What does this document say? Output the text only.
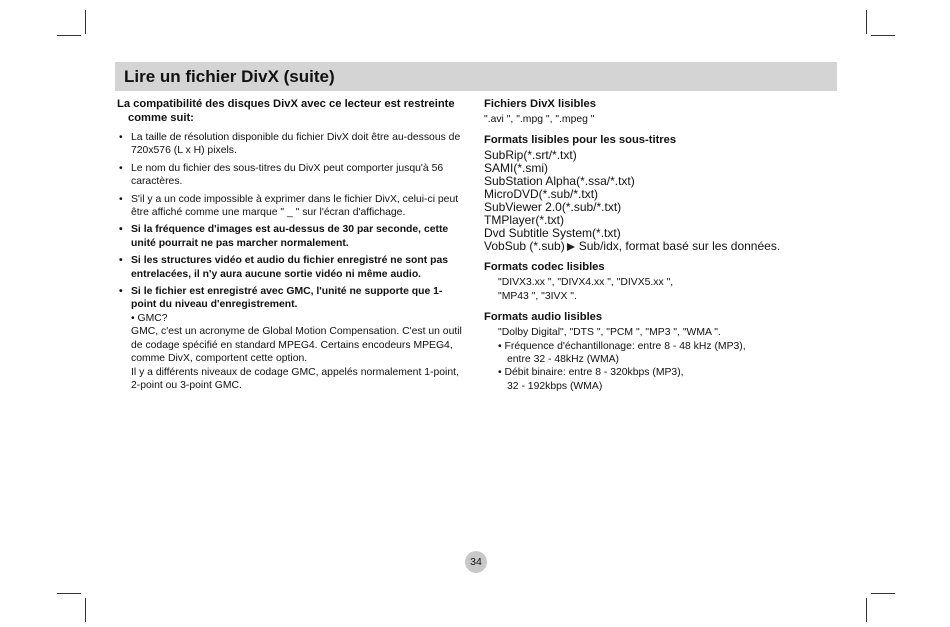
Lire un fichier DivX (suite)

La compatibilité des disques DivX avec ce lecteur est restreinte comme suit:

• La taille de résolution disponible du fichier DivX doit être au-dessous de 720x576 (L x H) pixels.
• Le nom du fichier des sous-titres du DivX peut comporter jusqu'à 56 caractères.
• S'il y a un code impossible à exprimer dans le fichier DivX, celui-ci peut être affiché comme une marque " _ " sur l'écran d'affichage.
• Si la fréquence d'images est au-dessus de 30 par seconde, cette unité pourrait ne pas marcher normalement.
• Si les structures vidéo et audio du fichier enregistré ne sont pas entrelacées, il n'y aura aucune sortie vidéo ni même audio.
• Si le fichier est enregistré avec GMC, l'unité ne supporte que 1-point du niveau d'enregistrement.
• GMC?
GMC, c'est un acronyme de Global Motion Compensation. C'est un outil de codage spécifié en standard MPEG4. Certains encodeurs MPEG4, comme DivX, comportent cette option.
Il y a différents niveaux de codage GMC, appelés normalement 1-point, 2-point ou 3-point GMC.

Fichiers DivX lisibles

".avi ", ".mpg ", ".mpeg "

Formats lisibles pour les sous-titres

SubRip(*.srt/*.txt)
SAMI(*.smi)
SubStation Alpha(*.ssa/*.txt)
MicroDVD(*.sub/*.txt)
SubViewer 2.0(*.sub/*.txt)
TMPlayer(*.txt)
Dvd Subtitle System(*.txt)
VobSub (*.sub) Sub/idx, format basé sur les données.

Formats codec lisibles

"DIVX3.xx ", "DIVX4.xx ", "DIVX5.xx ",
"MP43 ", "3IVX ".

Formats audio lisibles

"Dolby Digital", "DTS ", "PCM ", "MP3 ", "WMA ".
• Fréquence d'échantillonage: entre 8 - 48 kHz (MP3),
entre 32 - 48kHz (WMA)
• Débit binaire: entre 8 - 320kbps (MP3),
32 - 192kbps (WMA)
34
